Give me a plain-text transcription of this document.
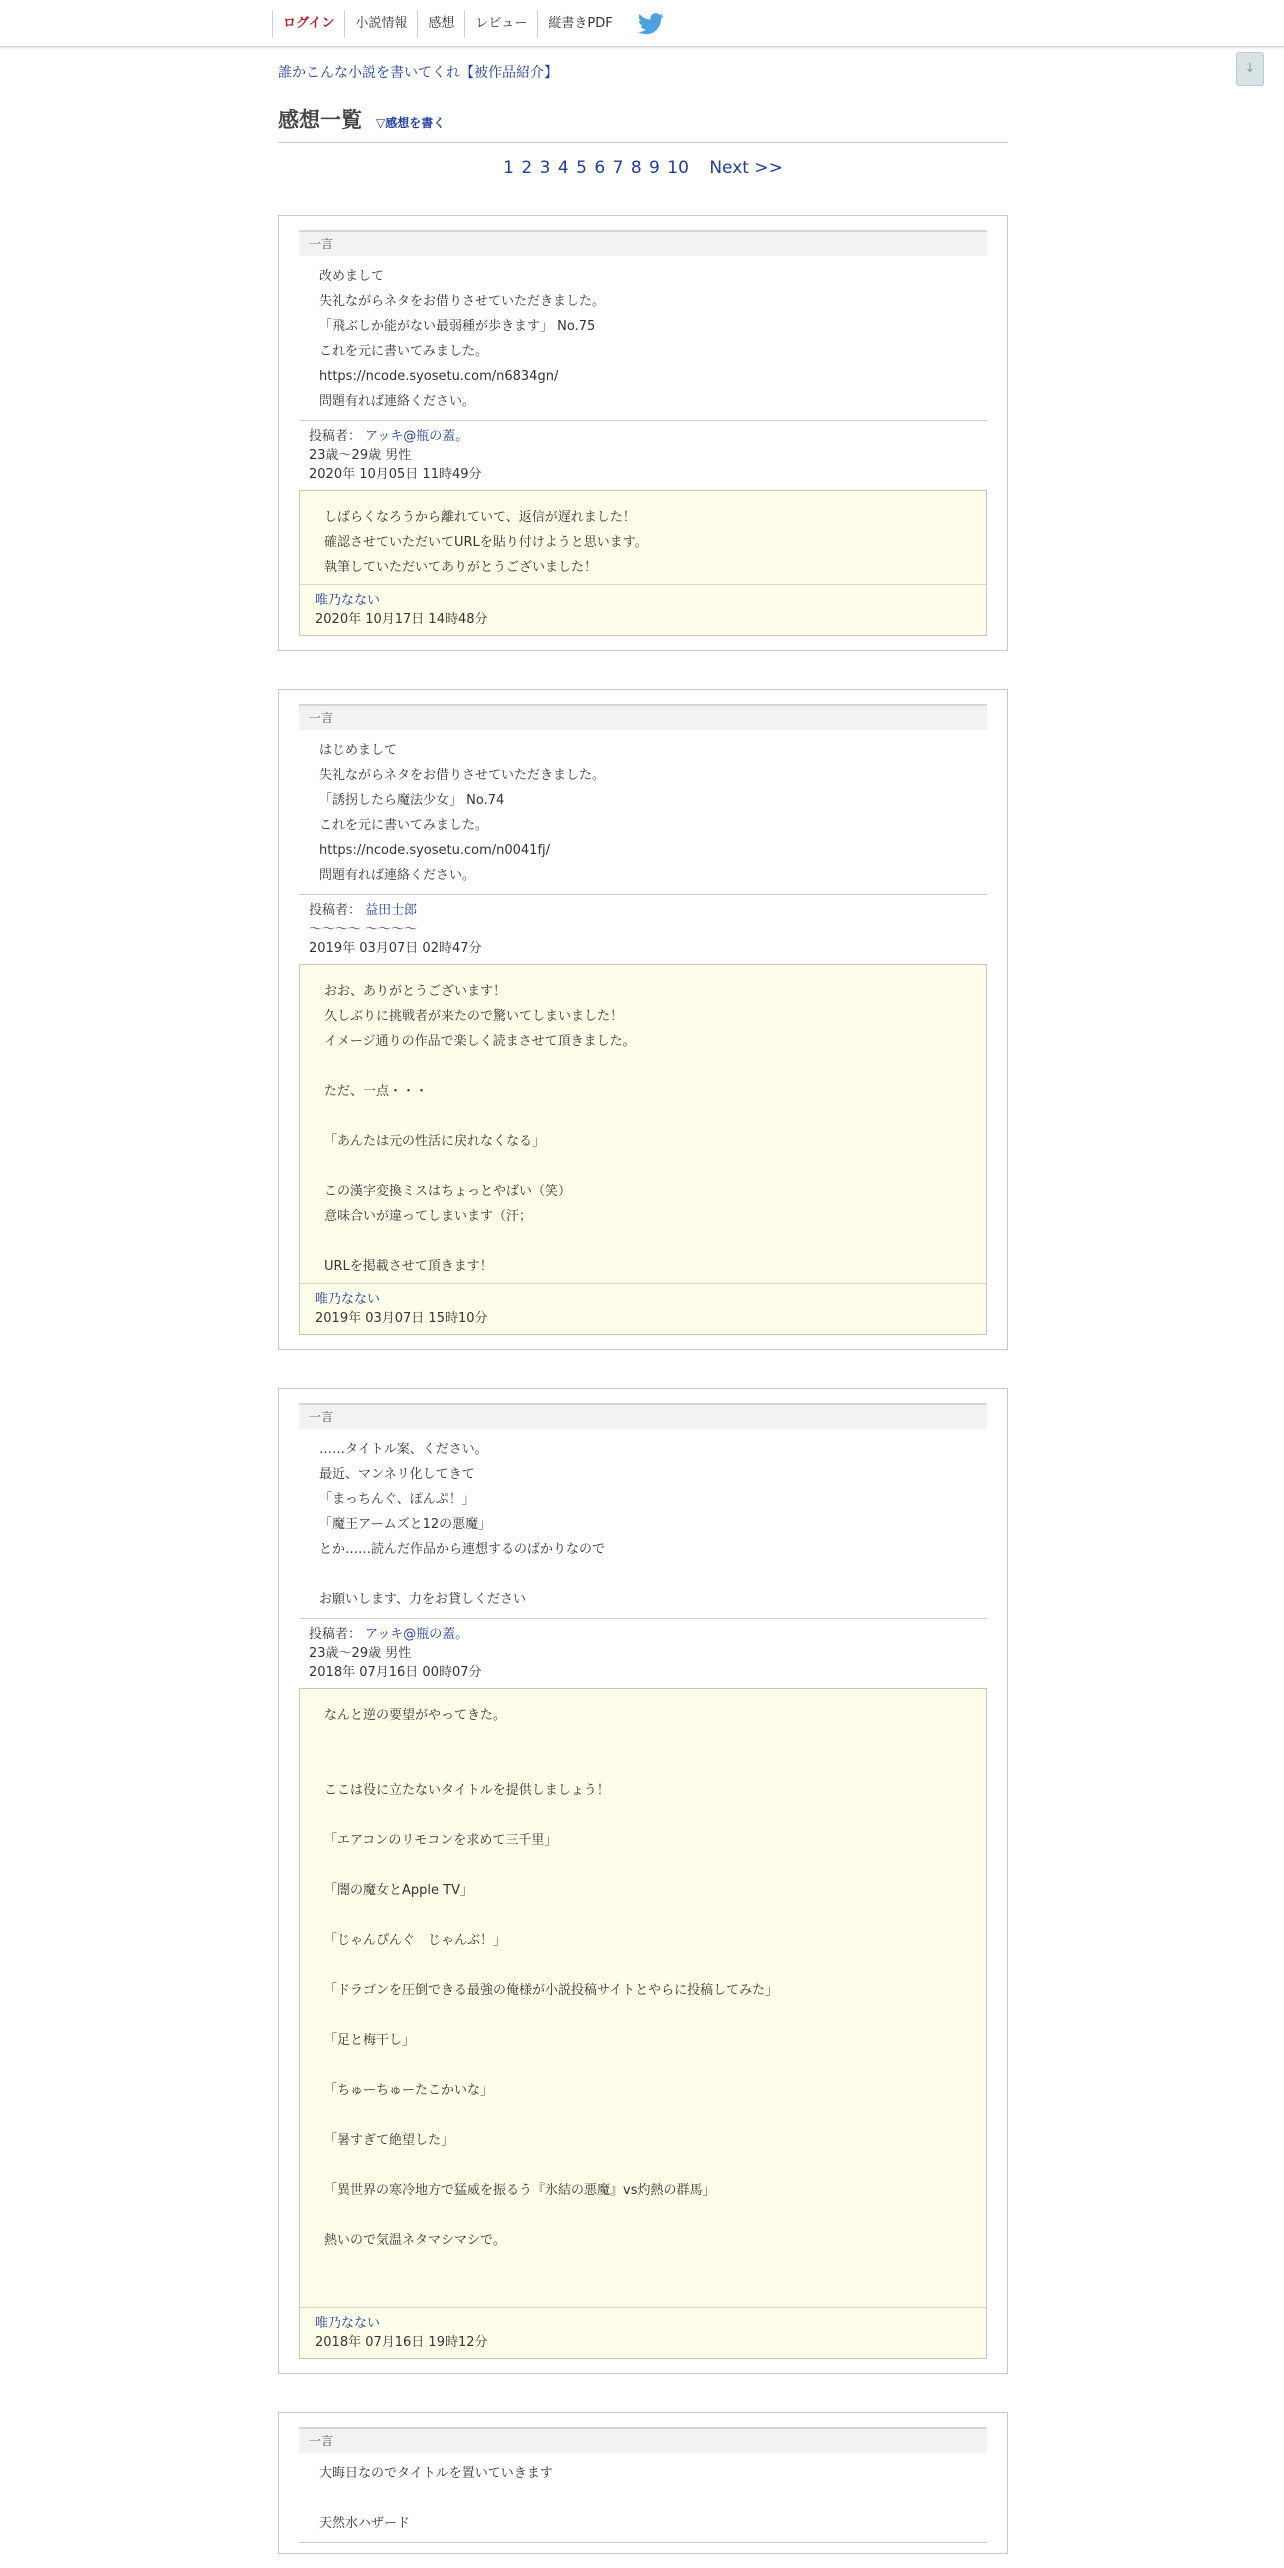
ログイン	小説情報	感想	レビュー	縦書きPDF
↓
誰かこんな小説を書いてくれ【被作品紹介】
感想一覧 ▽感想を書く
1 2 3 4 5 6 7 8 9 10 Next >>
一言
改めまして
失礼ながらネタをお借りさせていただきました。
「飛ぶしか能がない最弱種が歩きます」 No.75
これを元に書いてみました。
https://ncode.syosetu.com/n6834gn/
問題有れば連絡ください。
投稿者： アッキ@瓶の蓋。
23歳～29歳 男性
2020年 10月05日 11時49分
しばらくなろうから離れていて、返信が遅れました！
確認させていただいてURLを貼り付けようと思います。
執筆していただいてありがとうございました！
唯乃なない
2020年 10月17日 14時48分
一言
はじめまして
失礼ながらネタをお借りさせていただきました。
「誘拐したら魔法少女」 No.74
これを元に書いてみました。
https://ncode.syosetu.com/n0041fj/
問題有れば連絡ください。
投稿者： 益田士郎
～～～～ ～～～～
2019年 03月07日 02時47分
おお、ありがとうございます！
久しぶりに挑戦者が来たので驚いてしまいました！
イメージ通りの作品で楽しく読まさせて頂きました。
ただ、一点・・・
「あんたは元の性活に戻れなくなる」
この漢字変換ミスはちょっとやばい（笑）
意味合いが違ってしまいます（汗；
URLを掲載させて頂きます！
唯乃なない
2019年 03月07日 15時10分
一言
……タイトル案、ください。
最近、マンネリ化してきて
「まっちんぐ、ぽんぷ！」
「魔王アームズと12の悪魔」
とか……読んだ作品から連想するのばかりなので
お願いします、力をお貸しください
投稿者： アッキ@瓶の蓋。
23歳～29歳 男性
2018年 07月16日 00時07分
なんと逆の要望がやってきた。
ここは役に立たないタイトルを提供しましょう！
「エアコンのリモコンを求めて三千里」
「闇の魔女とApple TV」
「じゃんぴんぐ　じゃんぶ！」
「ドラゴンを圧倒できる最強の俺様が小説投稿サイトとやらに投稿してみた」
「足と梅干し」
「ちゅーちゅーたこかいな」
「暑すぎて絶望した」
「異世界の寒冷地方で猛威を振るう『氷結の悪魔』vs灼熱の群馬」
熱いので気温ネタマシマシで。
唯乃なない
2018年 07月16日 19時12分
一言
大晦日なのでタイトルを置いていきます
天然水ハザード
